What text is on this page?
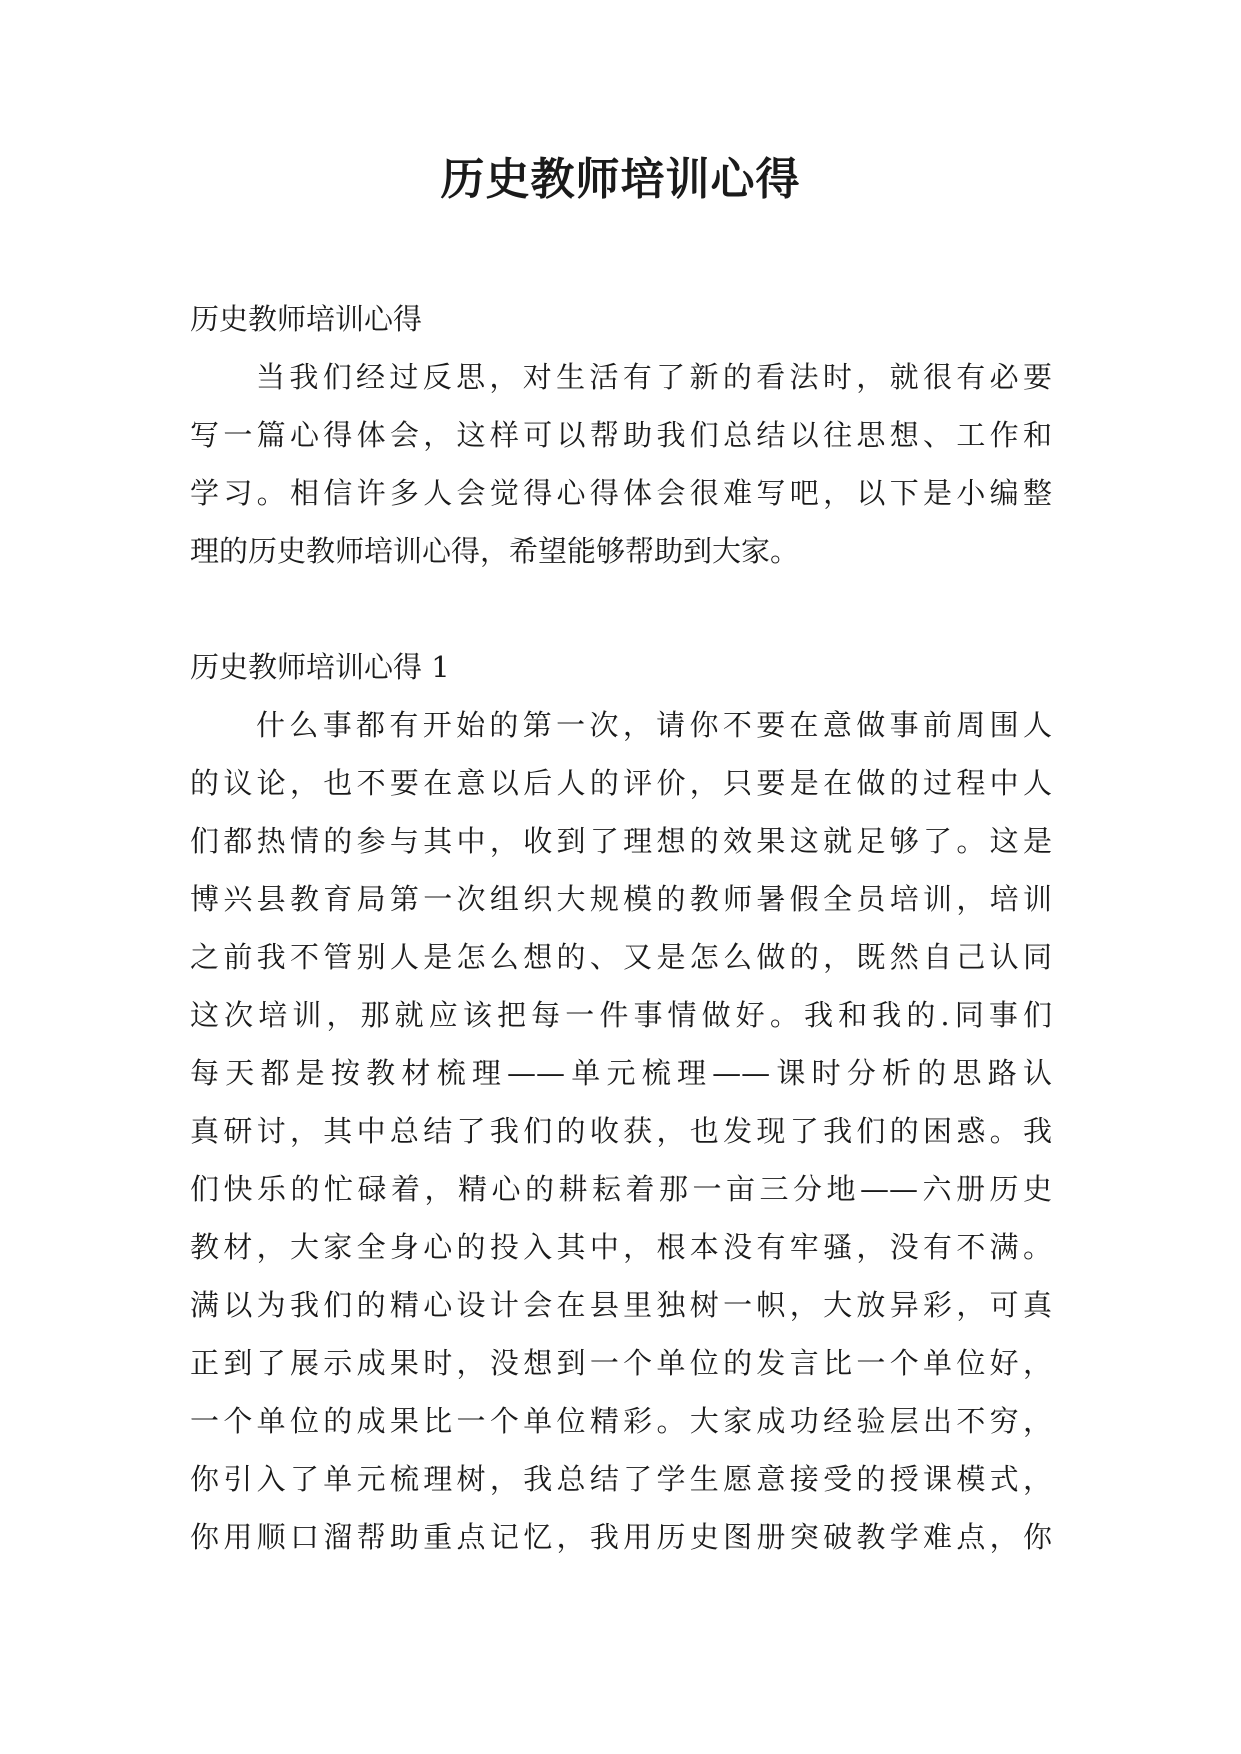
历史教师培训心得

历史教师培训心得

当我们经过反思，对生活有了新的看法时，就很有必要
写一篇心得体会，这样可以帮助我们总结以往思想、工作和
学习。相信许多人会觉得心得体会很难写吧，以下是小编整
理的历史教师培训心得，希望能够帮助到大家。

历史教师培训心得 1

什么事都有开始的第一次，请你不要在意做事前周围人
的议论，也不要在意以后人的评价，只要是在做的过程中人
们都热情的参与其中，收到了理想的效果这就足够了。这是
博兴县教育局第一次组织大规模的教师暑假全员培训，培训
之前我不管别人是怎么想的、又是怎么做的，既然自己认同
这次培训，那就应该把每一件事情做好。我和我的.同事们
每天都是按教材梳理——单元梳理——课时分析的思路认
真研讨，其中总结了我们的收获，也发现了我们的困惑。我
们快乐的忙碌着，精心的耕耘着那一亩三分地——六册历史
教材，大家全身心的投入其中，根本没有牢骚，没有不满。
满以为我们的精心设计会在县里独树一帜，大放异彩，可真
正到了展示成果时，没想到一个单位的发言比一个单位好，
一个单位的成果比一个单位精彩。大家成功经验层出不穷，
你引入了单元梳理树，我总结了学生愿意接受的授课模式，
你用顺口溜帮助重点记忆，我用历史图册突破教学难点，你
